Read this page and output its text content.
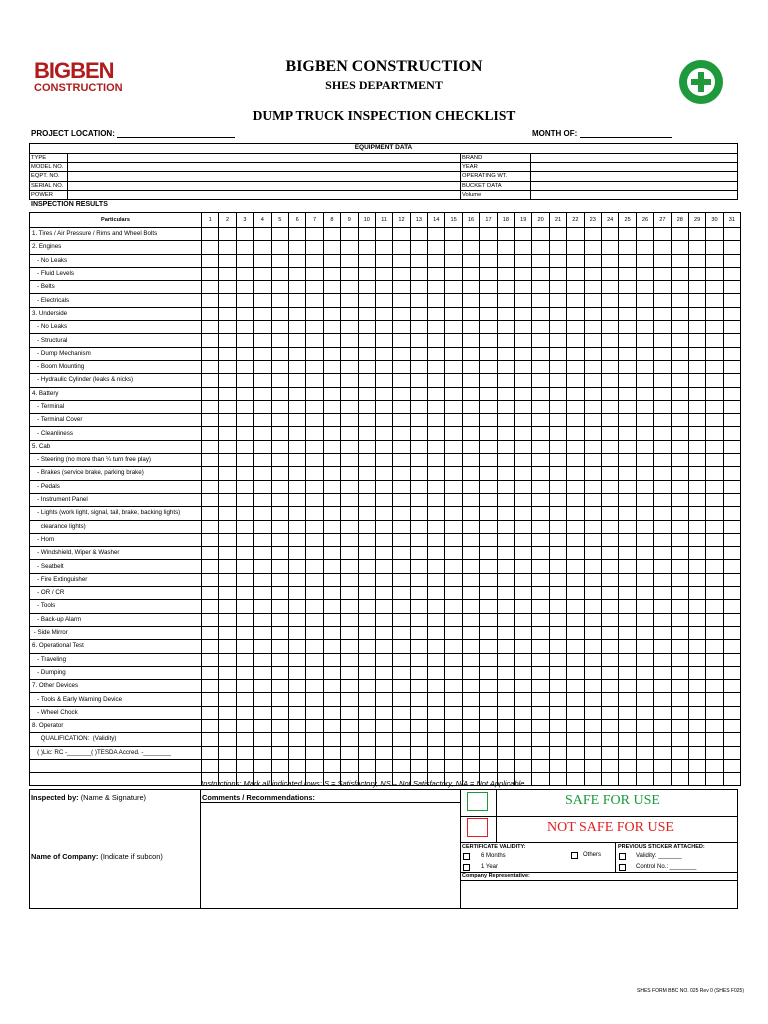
BIGBEN
CONSTRUCTION
BIGBEN CONSTRUCTION
SHES DEPARTMENT
DUMP TRUCK INSPECTION CHECKLIST
PROJECT LOCATION:	MONTH OF:
EQUIPMENT DATA
TYPE	BRAND
MODEL NO.	YEAR
EQPT. NO.	OPERATING WT.
SERIAL NO.	BUCKET DATA
POWER	Volume
INSPECTION RESULTS
Particulars	1	2	3	4	5	6	7	8	9	10	11	12	13	14	15	16	17	18	19	20	21	22	23	24	25	26	27	28	29	30	31
1. Tires / Air Pressure / Rims and Wheel Bolts																															
2. Engines																															
- No Leaks																															
- Fluid Levels																															
- Belts																															
- Electricals																															
3. Underside																															
- No Leaks																															
- Structural																															
- Dump Mechanism																															
- Boom Mounting																															
- Hydraulic Cylinder (leaks & nicks)																															
4. Battery																															
- Terminal																															
- Terminal Cover																															
- Cleanliness																															
5. Cab																															
- Steering (no more than ¼ turn free play)																															
- Brakes (service brake, parking brake)																															
- Pedals																															
- Instrument Panel																															
- Lights (work light, signal, tail, brake, backing lights)																															
clearance lights)																															
- Horn																															
- Windshield, Wiper & Washer																															
- Seatbelt																															
- Fire Extinguisher																															
- OR / CR																															
- Tools																															
- Back-up Alarm																															
- Side Mirror																															
6. Operational Test																															
- Traveling																															
- Dumping																															
7. Other Devices																															
- Tools & Early Warning Device																															
- Wheel Chock																															
8. Operator																															
QUALIFICATION:  (Validity)																															
( )Lic: RC -_______( )TESDA Accred. -________																															

Instructions: Mark all indicated rows: S = Satisfactory, NS – Not Satisfactory, N/A = Not Applicable.
Inspected by: (Name & Signature)	Comments / Recommendations:
Name of Company: (Indicate if subcon)
SAFE FOR USE
NOT SAFE FOR USE
CERTIFICATE VALIDITY:
6 Months	Others
1 Year
PREVIOUS STICKER ATTACHED:
Validity: _______
Control No.: ________
Company Representative:
SHES FORM BBC NO. 025 Rev 0 (SHES F025)
